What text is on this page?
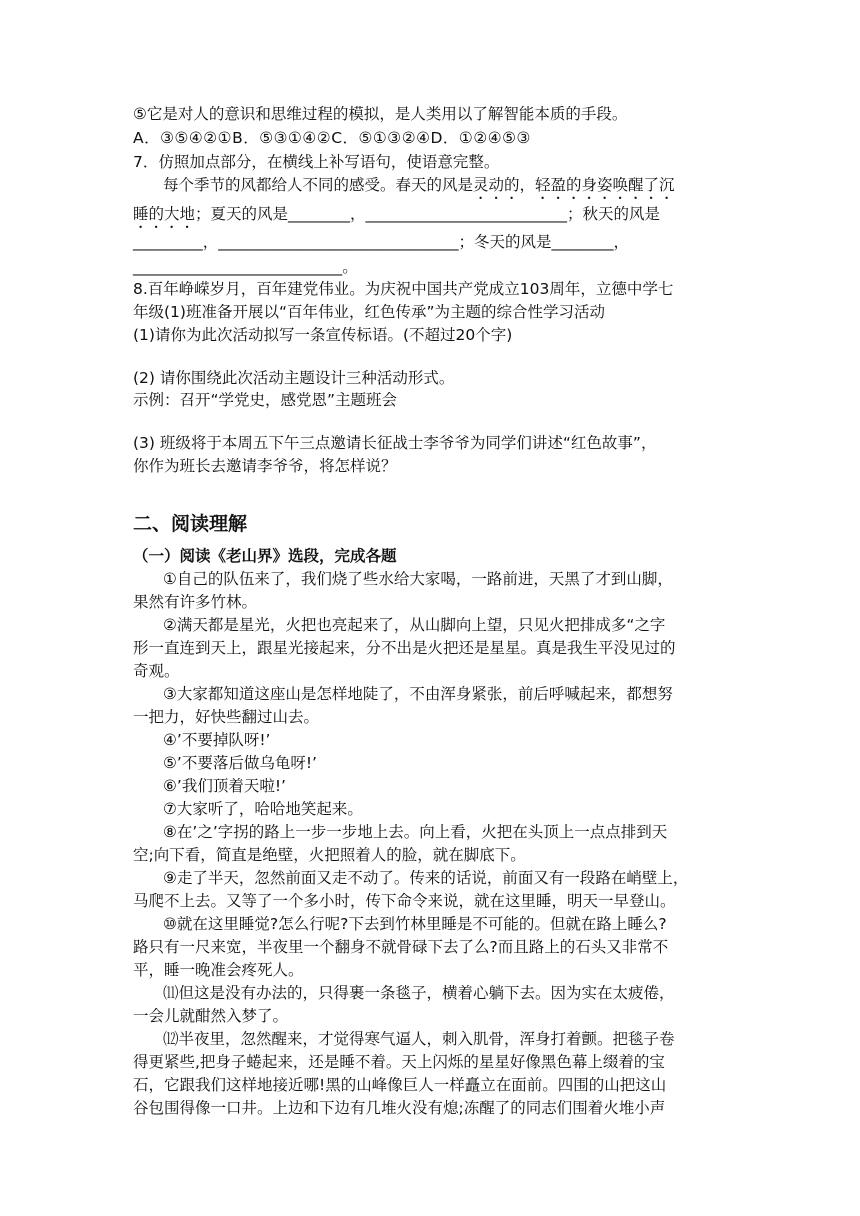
⑤它是对人的意识和思维过程的模拟，是人类用以了解智能本质的手段。
A．③⑤④②①B．⑤③①④②C．⑤①③②④D．①②④⑤③
7．仿照加点部分，在横线上补写语句，使语意完整。
每个季节的风都给人不同的感受。春天的风是灵动的，轻盈的身姿唤醒了沉
睡的大地；夏天的风是________，__________________________；秋天的风是
_________，_______________________________；冬天的风是________，
___________________________。
8.百年峥嵘岁月，百年建党伟业。为庆祝中国共产党成立103周年，立德中学七
年级(1)班准备开展以“百年伟业，红色传承”为主题的综合性学习活动
(1)请你为此次活动拟写一条宣传标语。(不超过20个字)
(2) 请你围绕此次活动主题设计三种活动形式。
示例：召开“学党史，感党恩”主题班会
(3) 班级将于本周五下午三点邀请长征战士李爷爷为同学们讲述“红色故事”，
你作为班长去邀请李爷爷，将怎样说？
二、阅读理解
（一）阅读《老山界》选段，完成各题
①自己的队伍来了，我们烧了些水给大家喝，一路前进，天黑了才到山脚，
果然有许多竹林。
②满天都是星光，火把也亮起来了，从山脚向上望，只见火把排成多“之字
形一直连到天上，跟星光接起来，分不出是火把还是星星。真是我生平没见过的
奇观。
③大家都知道这座山是怎样地陡了，不由浑身紧张，前后呼喊起来，都想努
一把力，好快些翻过山去。
④’不要掉队呀!’
⑤’不要落后做乌龟呀!’
⑥’我们顶着天啦!’
⑦大家听了，哈哈地笑起来。
⑧在’之’字拐的路上一步一步地上去。向上看，火把在头顶上一点点排到天
空;向下看，简直是绝壁，火把照着人的脸，就在脚底下。
⑨走了半天，忽然前面又走不动了。传来的话说，前面又有一段路在峭壁上，
马爬不上去。又等了一个多小时，传下命令来说，就在这里睡，明天一早登山。
⑩就在这里睡觉?怎么行呢?下去到竹林里睡是不可能的。但就在路上睡么?
路只有一尺来宽，半夜里一个翻身不就骨碌下去了么?而且路上的石头又非常不
平，睡一晚准会疼死人。
⑾但这是没有办法的，只得裹一条毯子，横着心躺下去。因为实在太疲倦，
一会儿就酣然入梦了。
⑿半夜里，忽然醒来，才觉得寒气逼人，刺入肌骨，浑身打着颤。把毯子卷
得更紧些,把身子蜷起来，还是睡不着。天上闪烁的星星好像黑色幕上缀着的宝
石，它跟我们这样地接近哪!黑的山峰像巨人一样矗立在面前。四围的山把这山
谷包围得像一口井。上边和下边有几堆火没有熄;冻醒了的同志们围着火堆小声
